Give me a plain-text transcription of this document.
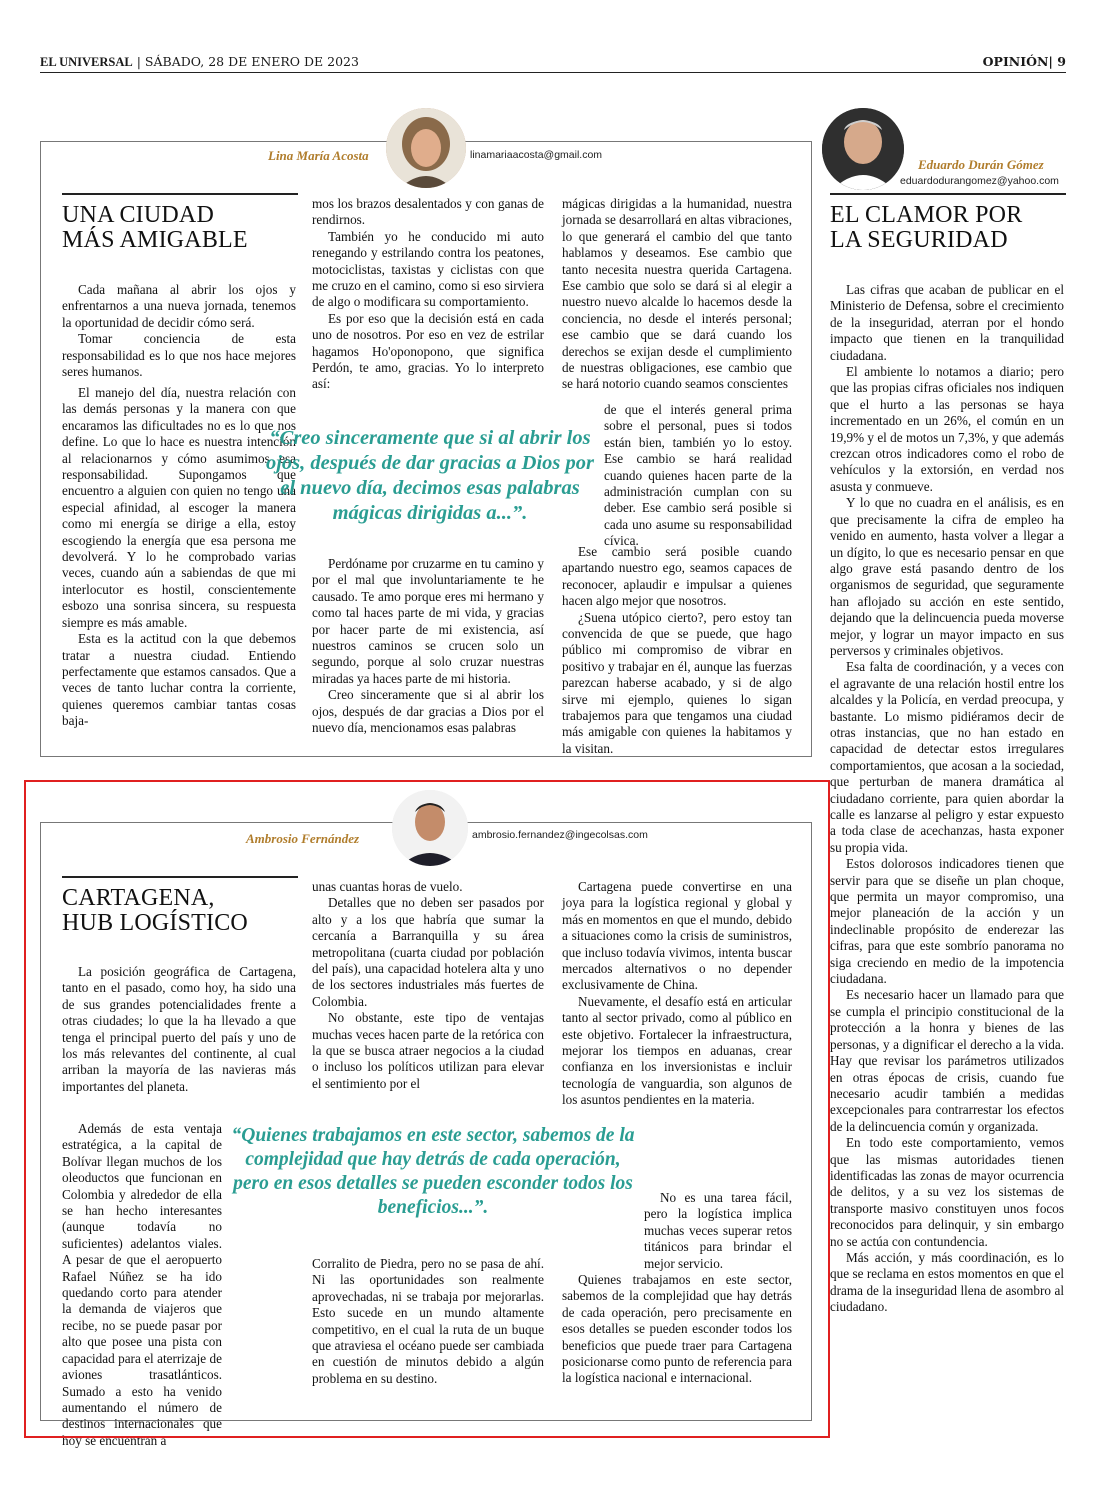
EL UNIVERSAL | SÁBADO, 28 DE ENERO DE 2023	OPINIÓN| 9
Lina María Acosta	linamariaacosta@gmail.com
UNA CIUDAD
MÁS AMIGABLE

Cada mañana al abrir los ojos y enfrentarnos a una nueva jornada, tenemos la oportunidad de decidir cómo será.

Tomar conciencia de esta responsabilidad es lo que nos hace mejores seres humanos.

El manejo del día, nuestra relación con las demás personas y la manera con que encaramos las dificultades no es lo que nos define. Lo que lo hace es nuestra intención al relacionarnos y cómo asumimos esa responsabilidad. Supongamos que encuentro a alguien con quien no tengo una especial afinidad, al escoger la manera como mi energía se dirige a ella, estoy escogiendo la energía que esa persona me devolverá. Y lo he comprobado varias veces, cuando aún a sabiendas de que mi interlocutor es hostil, conscientemente esbozo una sonrisa sincera, su respuesta siempre es más amable.

Esta es la actitud con la que debemos tratar a nuestra ciudad. Entiendo perfectamente que estamos cansados. Que a veces de tanto luchar contra la corriente, quienes queremos cambiar tantas cosas baja-

mos los brazos desalentados y con ganas de rendirnos.

También yo he conducido mi auto renegando y estrilando contra los peatones, motociclistas, taxistas y ciclistas con que me cruzo en el camino, como si eso sirviera de algo o modificara su comportamiento.

Es por eso que la decisión está en cada uno de nosotros. Por eso en vez de estrilar hagamos Ho'oponopono, que significa Perdón, te amo, gracias. Yo lo interpreto así:

“Creo sinceramente que si al abrir los ojos, después de dar gracias a Dios por el nuevo día, decimos esas palabras mágicas dirigidas a...”.

Perdóname por cruzarme en tu camino y por el mal que involuntariamente te he causado. Te amo porque eres mi hermano y como tal haces parte de mi vida, y gracias por hacer parte de mi existencia, así nuestros caminos se crucen solo un segundo, porque al solo cruzar nuestras miradas ya haces parte de mi historia.

Creo sinceramente que si al abrir los ojos, después de dar gracias a Dios por el nuevo día, mencionamos esas palabras

mágicas dirigidas a la humanidad, nuestra jornada se desarrollará en altas vibraciones, lo que generará el cambio del que tanto hablamos y deseamos. Ese cambio que tanto necesita nuestra querida Cartagena. Ese cambio que solo se dará si al elegir a nuestro nuevo alcalde lo hacemos desde la conciencia, no desde el interés personal; ese cambio que se dará cuando los derechos se exijan desde el cumplimiento de nuestras obligaciones, ese cambio que se hará notorio cuando seamos conscientes

de que el interés general prima sobre el personal, pues si todos están bien, también yo lo estoy. Ese cambio se hará realidad cuando quienes hacen parte de la administración cumplan con su deber. Ese cambio será posible si cada uno asume su responsabilidad cívica.

Ese cambio será posible cuando apartando nuestro ego, seamos capaces de reconocer, aplaudir e impulsar a quienes hacen algo mejor que nosotros.

¿Suena utópico cierto?, pero estoy tan convencida de que se puede, que hago público mi compromiso de vibrar en positivo y trabajar en él, aunque las fuerzas parezcan haberse acabado, y si de algo sirve mi ejemplo, quienes lo sigan trabajemos para que tengamos una ciudad más amigable con quienes la habitamos y la visitan.

Eduardo Durán Gómez
eduardodurangomez@yahoo.com
EL CLAMOR POR
LA SEGURIDAD

Las cifras que acaban de publicar en el Ministerio de Defensa, sobre el crecimiento de la inseguridad, aterran por el hondo impacto que tienen en la tranquilidad ciudadana.

El ambiente lo notamos a diario; pero que las propias cifras oficiales nos indiquen que el hurto a las personas se haya incrementado en un 26%, el común en un 19,9% y el de motos un 7,3%, y que además crezcan otros indicadores como el robo de vehículos y la extorsión, en verdad nos asusta y conmueve.

Y lo que no cuadra en el análisis, es en que precisamente la cifra de empleo ha venido en aumento, hasta volver a llegar a un dígito, lo que es necesario pensar en que algo grave está pasando dentro de los organismos de seguridad, que seguramente han aflojado su acción en este sentido, dejando que la delincuencia pueda moverse mejor, y lograr un mayor impacto en sus perversos y criminales objetivos.

Esa falta de coordinación, y a veces con el agravante de una relación hostil entre los alcaldes y la Policía, en verdad preocupa, y bastante. Lo mismo pidiéramos decir de otras instancias, que no han estado en capacidad de detectar estos irregulares comportamientos, que acosan a la sociedad, que perturban de manera dramática al ciudadano corriente, para quien abordar la calle es lanzarse al peligro y estar expuesto a toda clase de acechanzas, hasta exponer su propia vida.

Estos dolorosos indicadores tienen que servir para que se diseñe un plan choque, que permita un mayor compromiso, una mejor planeación de la acción y un indeclinable propósito de enderezar las cifras, para que este sombrío panorama no siga creciendo en medio de la impotencia ciudadana.

Es necesario hacer un llamado para que se cumpla el principio constitucional de la protección a la honra y bienes de las personas, y a dignificar el derecho a la vida. Hay que revisar los parámetros utilizados en otras épocas de crisis, cuando fue necesario acudir también a medidas excepcionales para contrarrestar los efectos de la delincuencia común y organizada.

En todo este comportamiento, vemos que las mismas autoridades tienen identificadas las zonas de mayor ocurrencia de delitos, y a su vez los sistemas de transporte masivo constituyen unos focos reconocidos para delinquir, y sin embargo no se actúa con contundencia.

Más acción, y más coordinación, es lo que se reclama en estos momentos en que el drama de la inseguridad llena de asombro al ciudadano.

Ambrosio Fernández	ambrosio.fernandez@ingecolsas.com
CARTAGENA,
HUB LOGÍSTICO

La posición geográfica de Cartagena, tanto en el pasado, como hoy, ha sido una de sus grandes potencialidades frente a otras ciudades; lo que la ha llevado a que tenga el principal puerto del país y uno de los más relevantes del continente, al cual arriban la mayoría de las navieras más importantes del planeta.

Además de esta ventaja estratégica, a la capital de Bolívar llegan muchos de los oleoductos que funcionan en Colombia y alrededor de ella se han hecho interesantes (aunque todavía no suficientes) adelantos viales. A pesar de que el aeropuerto Rafael Núñez se ha ido quedando corto para atender la demanda de viajeros que recibe, no se puede pasar por alto que posee una pista con capacidad para el aterrizaje de aviones trasatlánticos. Sumado a esto ha venido aumentando el número de destinos internacionales que hoy se encuentran a

unas cuantas horas de vuelo.

Detalles que no deben ser pasados por alto y a los que habría que sumar la cercanía a Barranquilla y su área metropolitana (cuarta ciudad por población del país), una capacidad hotelera alta y uno de los sectores industriales más fuertes de Colombia.

No obstante, este tipo de ventajas muchas veces hacen parte de la retórica con la que se busca atraer negocios a la ciudad o incluso los políticos utilizan para elevar el sentimiento por el

“Quienes trabajamos en este sector, sabemos de la complejidad que hay detrás de cada operación, pero en esos detalles se pueden esconder todos los beneficios...”.

Corralito de Piedra, pero no se pasa de ahí. Ni las oportunidades son realmente aprovechadas, ni se trabaja por mejorarlas. Esto sucede en un mundo altamente competitivo, en el cual la ruta de un buque que atraviesa el océano puede ser cambiada en cuestión de minutos debido a algún problema en su destino.

Cartagena puede convertirse en una joya para la logística regional y global y más en momentos en que el mundo, debido a situaciones como la crisis de suministros, que incluso todavía vivimos, intenta buscar mercados alternativos o no depender exclusivamente de China.

Nuevamente, el desafío está en articular tanto al sector privado, como al público en este objetivo. Fortalecer la infraestructura, mejorar los tiempos en aduanas, crear confianza en los inversionistas e incluir tecnología de vanguardia, son algunos de los asuntos pendientes en la materia.

No es una tarea fácil, pero la logística implica muchas veces superar retos titánicos para brindar el mejor servicio.

Quienes trabajamos en este sector, sabemos de la complejidad que hay detrás de cada operación, pero precisamente en esos detalles se pueden esconder todos los beneficios que puede traer para Cartagena posicionarse como punto de referencia para la logística nacional e internacional.
